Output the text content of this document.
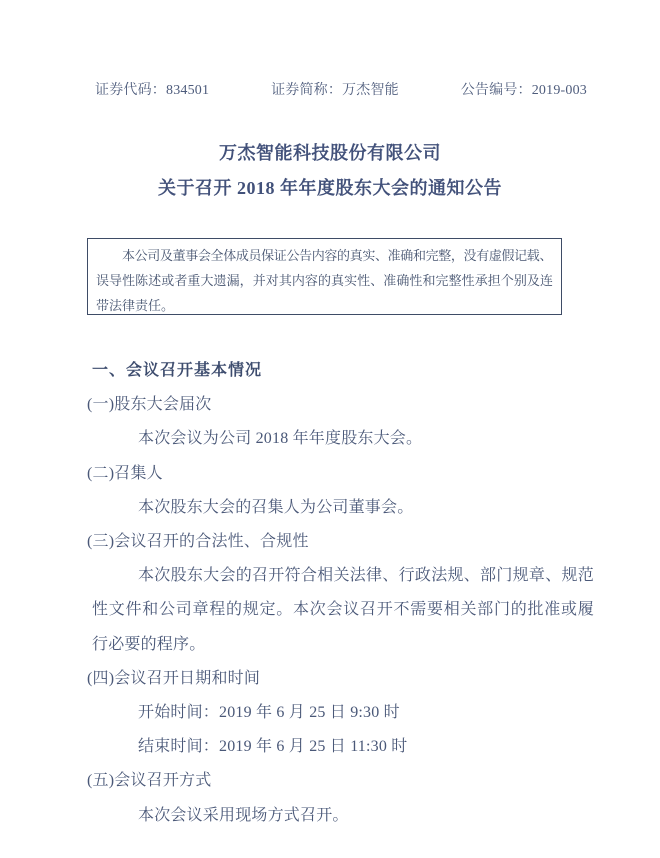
证券代码：834501	证券简称：万杰智能	公告编号：2019-003
万杰智能科技股份有限公司
关于召开 2018 年年度股东大会的通知公告
本公司及董事会全体成员保证公告内容的真实、准确和完整，没有虚假记载、
误导性陈述或者重大遗漏，并对其内容的真实性、准确性和完整性承担个别及连
带法律责任。
一、会议召开基本情况
(一)股东大会届次
本次会议为公司 2018 年年度股东大会。
(二)召集人
本次股东大会的召集人为公司董事会。
(三)会议召开的合法性、合规性
本次股东大会的召开符合相关法律、行政法规、部门规章、规范
性文件和公司章程的规定。本次会议召开不需要相关部门的批准或履
行必要的程序。
(四)会议召开日期和时间
开始时间：2019 年 6 月 25 日 9:30 时
结束时间：2019 年 6 月 25 日 11:30 时
(五)会议召开方式
本次会议采用现场方式召开。
